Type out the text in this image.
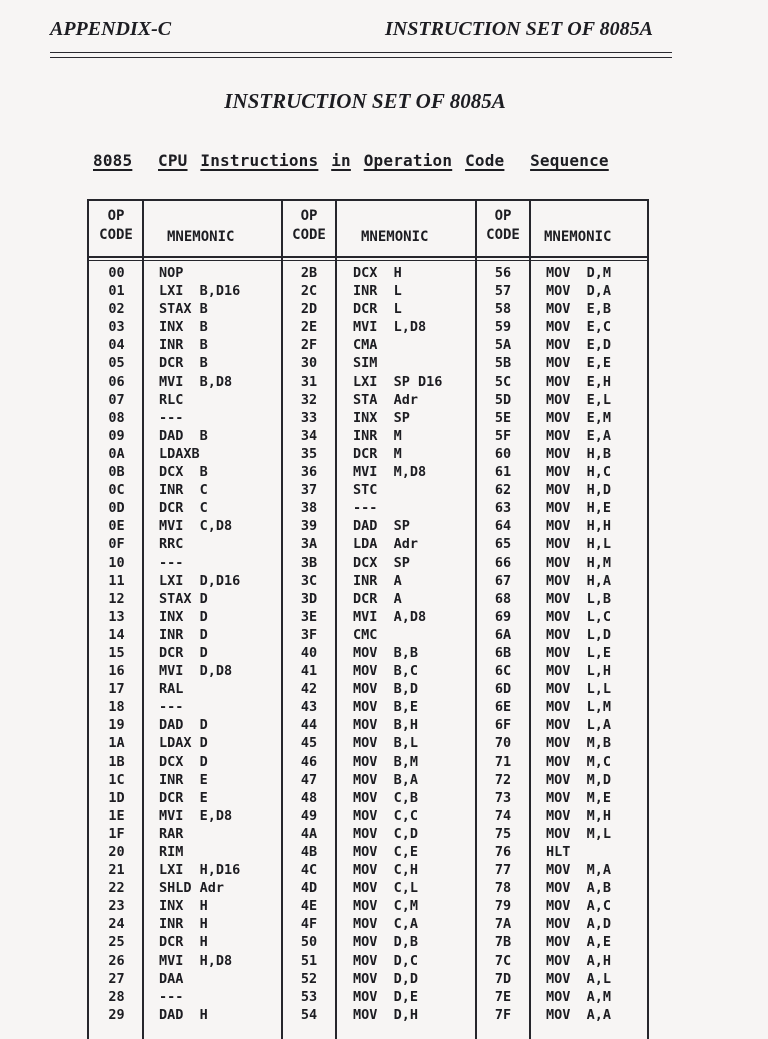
APPENDIX-C	INSTRUCTION SET OF 8085A
INSTRUCTION SET OF 8085A
8085 CPU Instructions in Operation Code Sequence
OP
CODE	MNEMONIC
OP
CODE	MNEMONIC
OP
CODE	MNEMONIC
00	NOP	2B	DCX  H	56	MOV  D,M
01	LXI  B,D16	2C	INR  L	57	MOV  D,A
02	STAX B	2D	DCR  L	58	MOV  E,B
03	INX  B	2E	MVI  L,D8	59	MOV  E,C
04	INR  B	2F	CMA	5A	MOV  E,D
05	DCR  B	30	SIM	5B	MOV  E,E
06	MVI  B,D8	31	LXI  SP D16	5C	MOV  E,H
07	RLC	32	STA  Adr	5D	MOV  E,L
08	---	33	INX  SP	5E	MOV  E,M
09	DAD  B	34	INR  M	5F	MOV  E,A
0A	LDAXB	35	DCR  M	60	MOV  H,B
0B	DCX  B	36	MVI  M,D8	61	MOV  H,C
0C	INR  C	37	STC	62	MOV  H,D
0D	DCR  C	38	---	63	MOV  H,E
0E	MVI  C,D8	39	DAD  SP	64	MOV  H,H
0F	RRC	3A	LDA  Adr	65	MOV  H,L
10	---	3B	DCX  SP	66	MOV  H,M
11	LXI  D,D16	3C	INR  A	67	MOV  H,A
12	STAX D	3D	DCR  A	68	MOV  L,B
13	INX  D	3E	MVI  A,D8	69	MOV  L,C
14	INR  D	3F	CMC	6A	MOV  L,D
15	DCR  D	40	MOV  B,B	6B	MOV  L,E
16	MVI  D,D8	41	MOV  B,C	6C	MOV  L,H
17	RAL	42	MOV  B,D	6D	MOV  L,L
18	---	43	MOV  B,E	6E	MOV  L,M
19	DAD  D	44	MOV  B,H	6F	MOV  L,A
1A	LDAX D	45	MOV  B,L	70	MOV  M,B
1B	DCX  D	46	MOV  B,M	71	MOV  M,C
1C	INR  E	47	MOV  B,A	72	MOV  M,D
1D	DCR  E	48	MOV  C,B	73	MOV  M,E
1E	MVI  E,D8	49	MOV  C,C	74	MOV  M,H
1F	RAR	4A	MOV  C,D	75	MOV  M,L
20	RIM	4B	MOV  C,E	76	HLT
21	LXI  H,D16	4C	MOV  C,H	77	MOV  M,A
22	SHLD Adr	4D	MOV  C,L	78	MOV  A,B
23	INX  H	4E	MOV  C,M	79	MOV  A,C
24	INR  H	4F	MOV  C,A	7A	MOV  A,D
25	DCR  H	50	MOV  D,B	7B	MOV  A,E
26	MVI  H,D8	51	MOV  D,C	7C	MOV  A,H
27	DAA	52	MOV  D,D	7D	MOV  A,L
28	---	53	MOV  D,E	7E	MOV  A,M
29	DAD  H	54	MOV  D,H	7F	MOV  A,A
